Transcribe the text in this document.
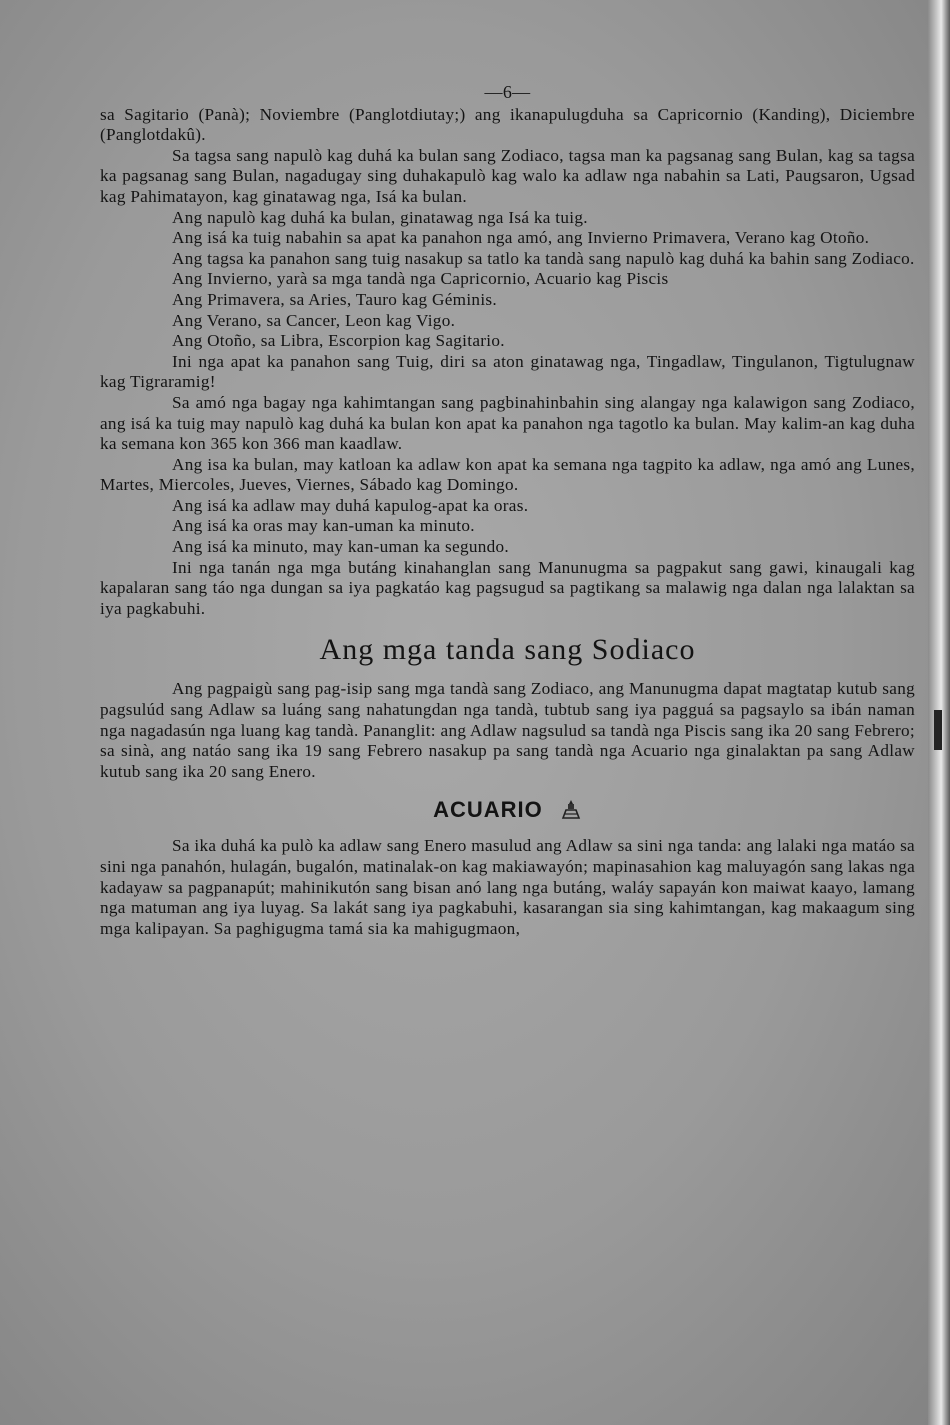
—6—

sa Sagitario (Panà); Noviembre (Panglotdiutay;) ang ikanapulugduha sa Capricornio (Kanding), Diciembre (Panglotdakû).

Sa tagsa sang napulò kag duhá ka bulan sang Zodiaco, tagsa man ka pagsanag sang Bulan, kag sa tagsa ka pagsanag sang Bulan, nagadugay sing duhakapulò kag walo ka adlaw nga nabahin sa Lati, Paugsaron, Ugsad kag Pahimatayon, kag ginatawag nga, Isá ka bulan.

Ang napulò kag duhá ka bulan, ginatawag nga Isá ka tuig.

Ang isá ka tuig nabahin sa apat ka panahon nga amó, ang Invierno Primavera, Verano kag Otoño.

Ang tagsa ka panahon sang tuig nasakup sa tatlo ka tandà sang napulò kag duhá ka bahin sang Zodiaco.

Ang Invierno, yarà sa mga tandà nga Capricornio, Acuario kag Piscis

Ang Primavera, sa Aries, Tauro kag Géminis.

Ang Verano, sa Cancer, Leon kag Vigo.

Ang Otoño, sa Libra, Escorpion kag Sagitario.

Ini nga apat ka panahon sang Tuig, diri sa aton ginatawag nga, Tingadlaw, Tingulanon, Tigtulugnaw kag Tigraramig!

Sa amó nga bagay nga kahimtangan sang pagbinahinbahin sing alangay nga kalawigon sang Zodiaco, ang isá ka tuig may napulò kag duhá ka bulan kon apat ka panahon nga tagotlo ka bulan. May kalim-an kag duha ka semana kon 365 kon 366 man kaadlaw.

Ang isa ka bulan, may katloan ka adlaw kon apat ka semana nga tagpito ka adlaw, nga amó ang Lunes, Martes, Miercoles, Jueves, Viernes, Sábado kag Domingo.

Ang isá ka adlaw may duhá kapulog-apat ka oras.

Ang isá ka oras may kan-uman ka minuto.

Ang isá ka minuto, may kan-uman ka segundo.

Ini nga tanán nga mga butáng kinahanglan sang Manunugma sa pagpakut sang gawi, kinaugali kag kapalaran sang táo nga dungan sa iya pagkatáo kag pagsugud sa pagtikang sa malawig nga dalan nga lalaktan sa iya pagkabuhi.

Ang mga tanda sang Sodiaco

Ang pagpaigù sang pag-isip sang mga tandà sang Zodiaco, ang Manunugma dapat magtatap kutub sang pagsulúd sang Adlaw sa luáng sang nahatungdan nga tandà, tubtub sang iya pagguá sa pagsaylo sa ibán naman nga nagadasún nga luang kag tandà. Pananglit: ang Adlaw nagsulud sa tandà nga Piscis sang ika 20 sang Febrero; sa sinà, ang natáo sang ika 19 sang Febrero nasakup pa sang tandà nga Acuario nga ginalaktan pa sang Adlaw kutub sang ika 20 sang Enero.

ACUARIO

Sa ika duhá ka pulò ka adlaw sang Enero masulud ang Adlaw sa sini nga tanda: ang lalaki nga matáo sa sini nga panahón, hulagán, bugalón, matinalak-on kag makiawayón; mapinasahion kag maluyagón sang lakas nga kadayaw sa pagpanapút; mahinikutón sang bisan anó lang nga butáng, waláy sapayán kon maiwat kaayo, lamang nga matuman ang iya luyag. Sa lakát sang iya pagkabuhi, kasarangan sia sing kahimtangan, kag makaagum sing mga kalipayan. Sa paghigugma tamá sia ka mahigugmaon,
